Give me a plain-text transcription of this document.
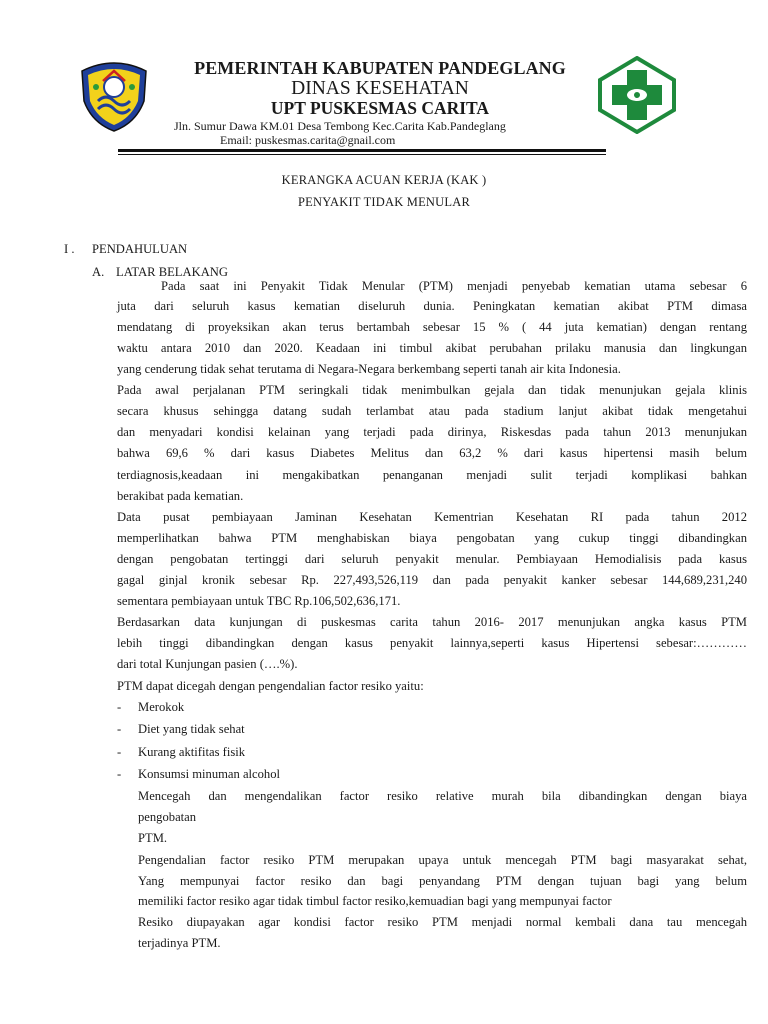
PEMERINTAH KABUPATEN PANDEGLANG

DINAS KESEHATAN

UPT PUSKESMAS CARITA

Jln. Sumur Dawa KM.01 Desa Tembong Kec.Carita Kab.Pandeglang

Email: puskesmas.carita@gnail.com

KERANGKA ACUAN KERJA (KAK )

PENYAKIT TIDAK MENULAR

I . PENDAHULUAN

A. LATAR BELAKANG

Pada saat ini Penyakit Tidak Menular (PTM) menjadi penyebab kematian utama sebesar 6

juta dari seluruh kasus kematian diseluruh dunia. Peningkatan kematian akibat PTM dimasa

mendatang di proyeksikan akan terus bertambah sebesar 15 % ( 44 juta kematian) dengan rentang

waktu antara 2010 dan 2020. Keadaan ini timbul akibat perubahan prilaku manusia dan lingkungan

yang cenderung tidak sehat terutama di Negara-Negara berkembang seperti tanah air kita Indonesia.

Pada awal perjalanan PTM seringkali tidak menimbulkan gejala dan tidak menunjukan gejala klinis

secara khusus sehingga datang sudah terlambat atau pada stadium lanjut akibat tidak mengetahui

dan menyadari kondisi kelainan yang terjadi pada dirinya, Riskesdas pada tahun 2013 menunjukan

bahwa 69,6 % dari kasus Diabetes Melitus dan 63,2 % dari kasus hipertensi masih belum

terdiagnosis,keadaan ini mengakibatkan penanganan menjadi sulit terjadi komplikasi bahkan

berakibat pada kematian.

Data pusat pembiayaan Jaminan Kesehatan Kementrian Kesehatan RI pada tahun 2012

memperlihatkan bahwa PTM menghabiskan biaya pengobatan yang cukup tinggi dibandingkan

dengan pengobatan tertinggi dari seluruh penyakit menular. Pembiayaan Hemodialisis pada kasus

gagal ginjal kronik sebesar Rp. 227,493,526,119 dan pada penyakit kanker sebesar 144,689,231,240

sementara pembiayaan untuk TBC Rp.106,502,636,171.

Berdasarkan data kunjungan di puskesmas carita tahun 2016- 2017 menunjukan angka kasus PTM

lebih tinggi dibandingkan dengan kasus penyakit lainnya,seperti kasus Hipertensi sebesar:…………

dari total Kunjungan pasien (….%).

PTM dapat dicegah dengan pengendalian factor resiko yaitu:

- Merokok

- Diet yang tidak sehat

- Kurang aktifitas fisik

- Konsumsi minuman alcohol

Mencegah dan mengendalikan factor resiko relative murah bila dibandingkan dengan biaya

pengobatan

PTM.

Pengendalian factor resiko PTM merupakan upaya untuk mencegah PTM bagi masyarakat sehat,

Yang mempunyai factor resiko dan bagi penyandang PTM dengan tujuan bagi yang belum

memiliki factor resiko agar tidak timbul factor resiko,kemuadian bagi yang mempunyai factor

Resiko diupayakan agar kondisi factor resiko PTM menjadi normal kembali dana tau mencegah

terjadinya PTM.
